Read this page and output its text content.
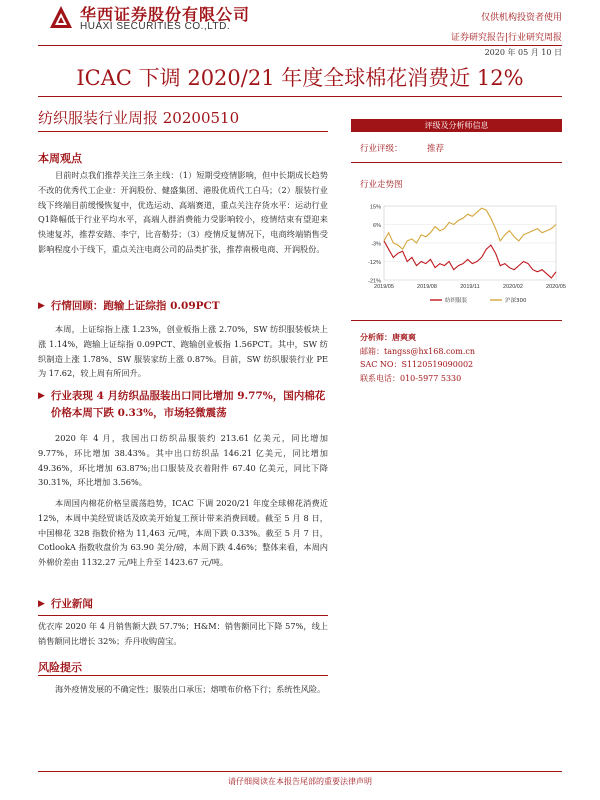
华西证券股份有限公司
HUAXI SECURITIES CO.,LTD.
仅供机构投资者使用
证券研究报告|行业研究周报
2020 年 05 月 10 日
ICAC 下调 2020/21 年度全球棉花消费近 12%
纺织服装行业周报 20200510
本周观点
目前时点我们推荐关注三条主线：（1）短期受疫情影响，但中长期成长趋势不改的优秀代工企业：开润股份、健盛集团、港股优质代工白马；（2）服装行业线下终端目前缓慢恢复中，优选运动、高端赛道，重点关注存货水平：运动行业Q1降幅低于行业平均水平，高端人群消费能力受影响较小，疫情结束有望迎来快速复苏，推荐安踏、李宁，比音勒芬；（3）疫情反复情况下，电商终端销售受影响程度小于线下，重点关注电商公司的品类扩张，推荐南极电商、开润股份。
▶ 行情回顾：跑输上证综指 0.09PCT
本周，上证综指上涨 1.23%，创业板指上涨 2.70%，SW 纺织服装板块上涨 1.14%，跑输上证综指 0.09PCT、跑输创业板指 1.56PCT。其中，SW 纺织制造上涨 1.78%、SW 服装家纺上涨 0.87%。目前，SW 纺织服装行业 PE 为 17.62，较上周有所回升。
▶ 行业表现 4 月纺织品服装出口同比增加 9.77%，国内棉花价格本周下跌 0.33%，市场轻微震荡
2020 年 4 月，我国出口纺织品服装约 213.61 亿美元，同比增加 9.77%，环比增加 38.43%。其中出口纺织品 146.21 亿美元，同比增加 49.36%，环比增加 63.87%;出口服装及衣着附件 67.40 亿美元，同比下降 30.31%，环比增加 3.56%。
本周国内棉花价格呈震荡趋势，ICAC 下调 2020/21 年度全球棉花消费近 12%，本周中美经贸谈话及欧美开始复工预计带来消费回暖。截至 5 月 8 日，中国棉花 328 指数价格为 11,463 元/吨，本周下跌 0.33%。截至 5 月 7 日，CotlookA 指数收盘价为 63.90 美分/磅，本周下跌 4.46%；整体来看，本周内外棉价差由 1132.27 元/吨上升至 1423.67 元/吨。
▶ 行业新闻
优衣库 2020 年 4 月销售额大跌 57.7%；H&M：销售额同比下降 57%，线上销售额同比增长 32%；乔丹收购茵宝。
风险提示
海外疫情发展的不确定性；服装出口承压；熔喷布价格下行；系统性风险。
评级及分析师信息
行业评级：	推荐
行业走势图
15%
6%
-3%
-12%
-21%
2019/05	2019/08	2019/11	2020/02	2020/05
纺织服装	沪深300
分析师：唐爽爽
邮箱：tangss@hx168.com.cn
SAC NO：S1120519090002
联系电话：010-5977 5330
请仔细阅读在本报告尾部的重要法律声明
